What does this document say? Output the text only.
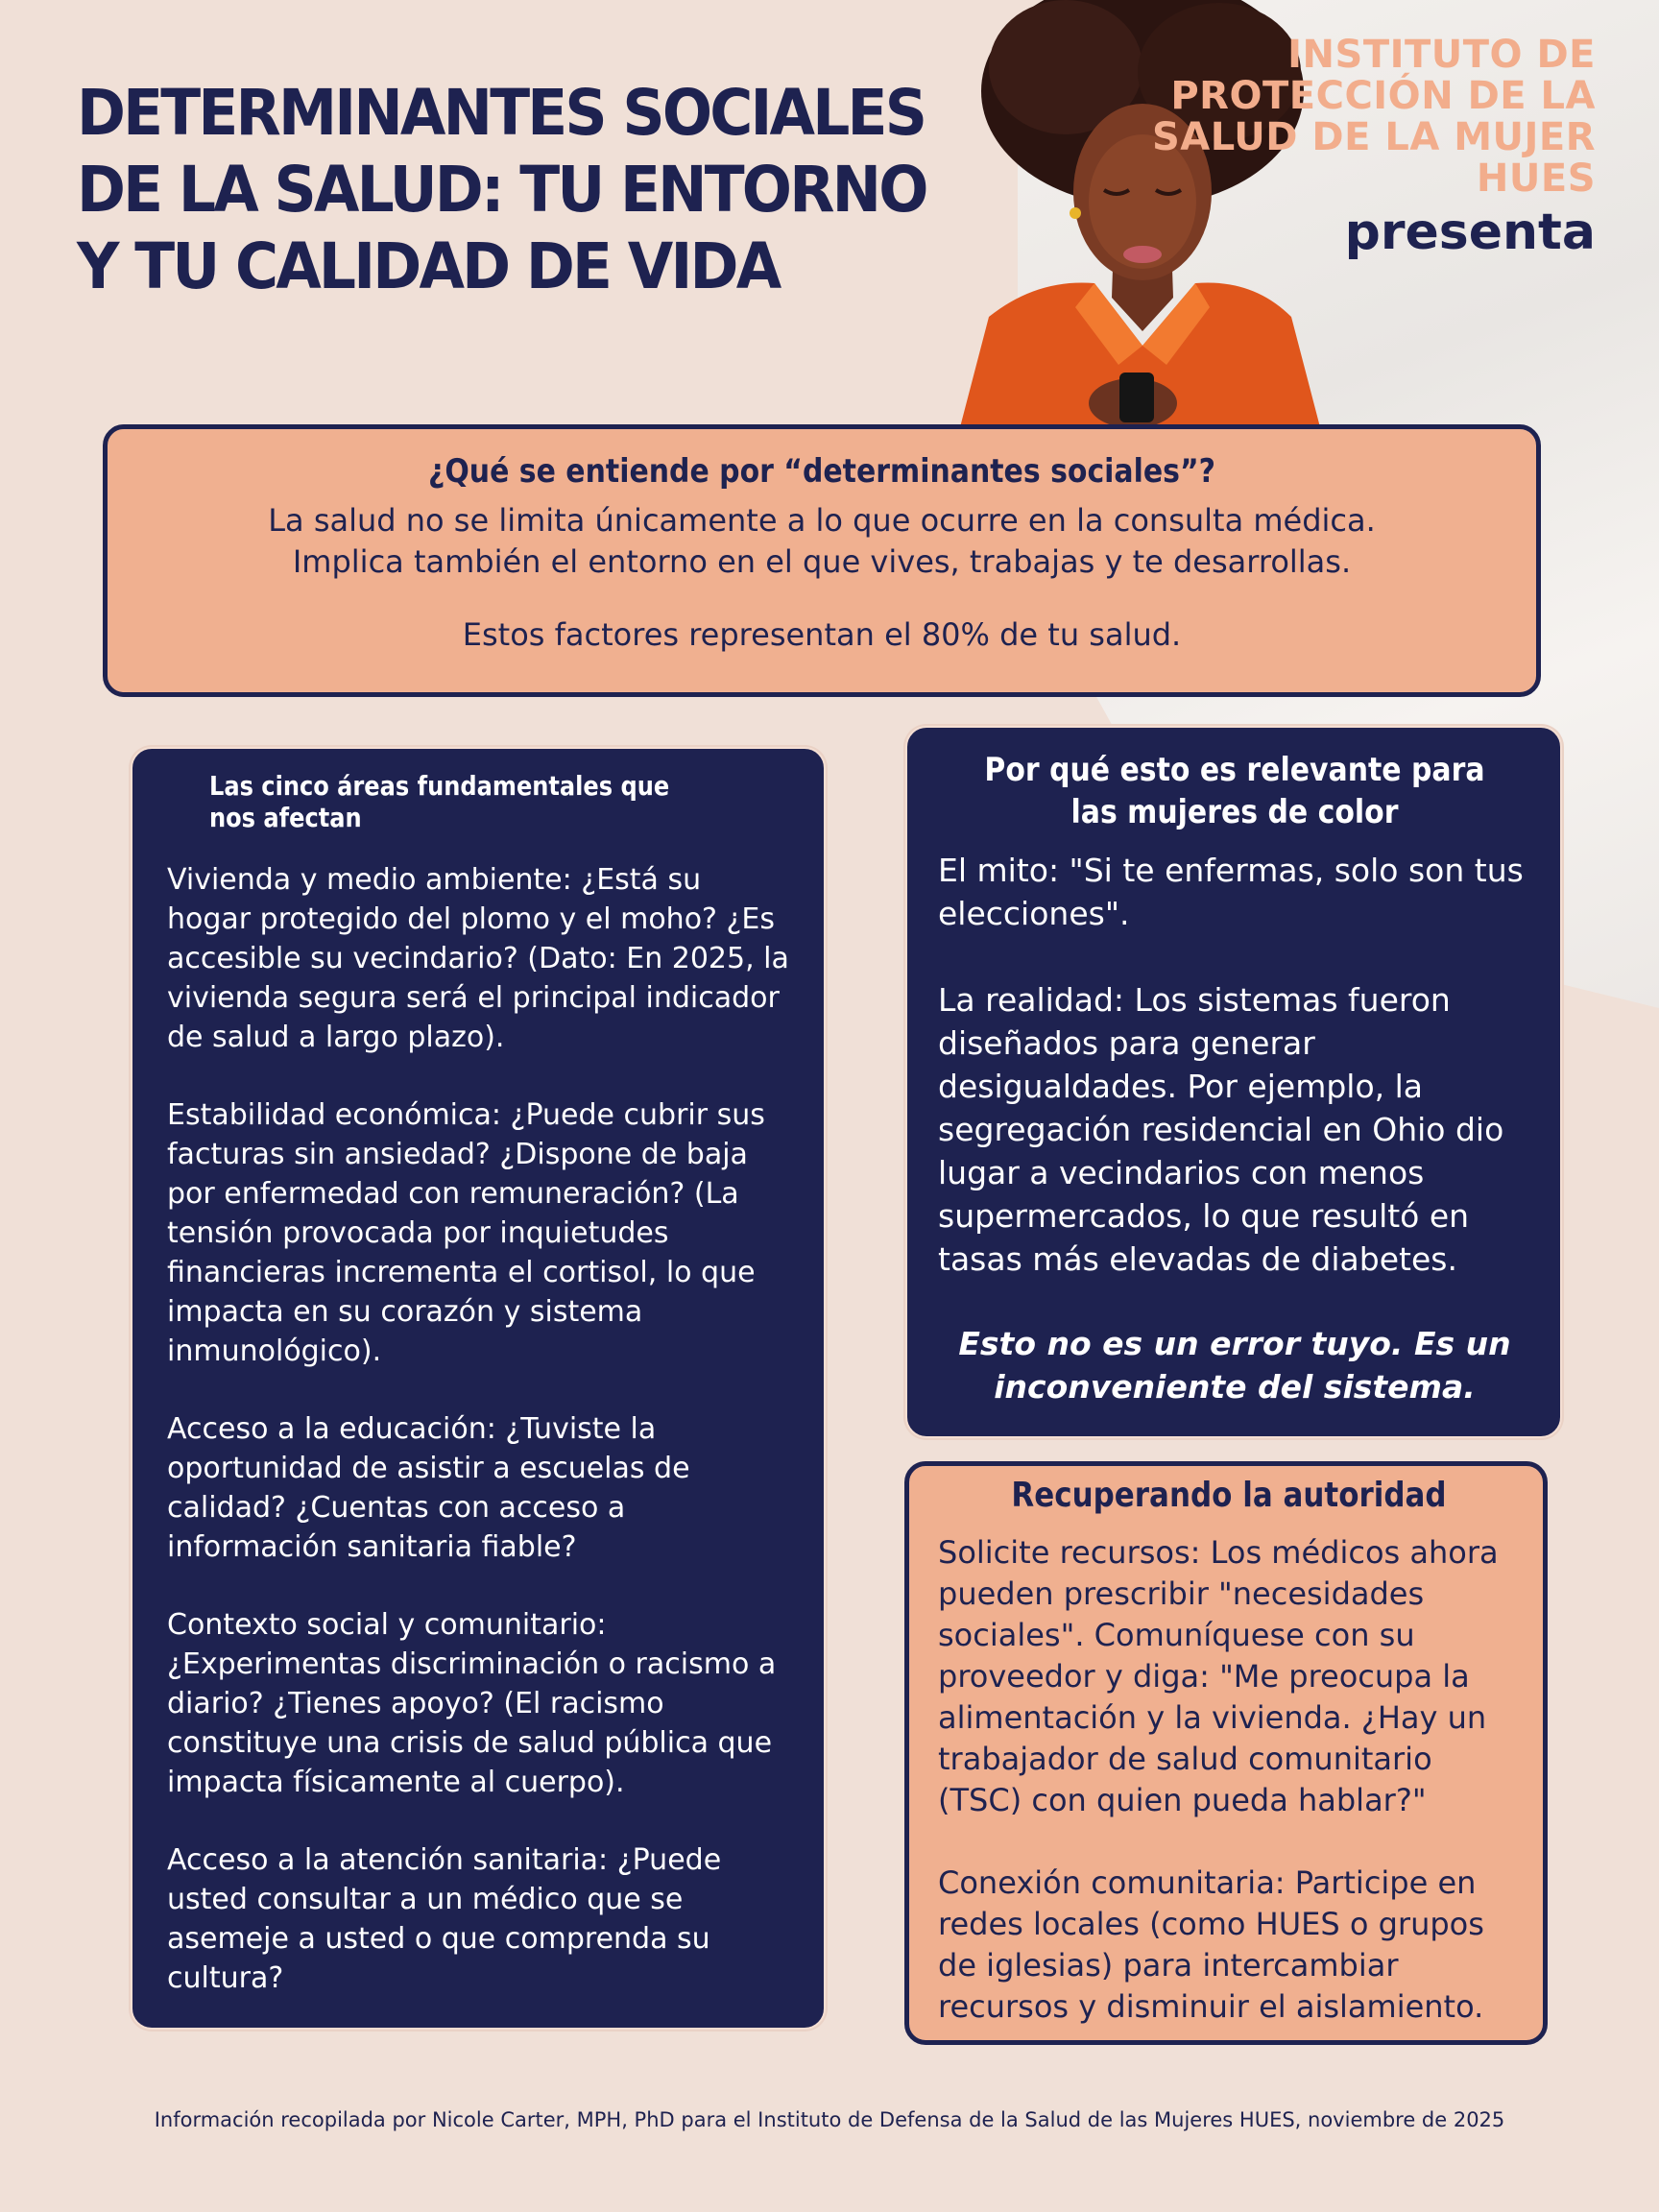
DETERMINANTES SOCIALES DE LA SALUD: TU ENTORNO Y TU CALIDAD DE VIDA
INSTITUTO DE PROTECCIÓN DE LA SALUD DE LA MUJER HUES
presenta
¿Qué se entiende por “determinantes sociales”?

La salud no se limita únicamente a lo que ocurre en la consulta médica.

Implica también el entorno en el que vives, trabajas y te desarrollas.

Estos factores representan el 80% de tu salud.

Las cinco áreas fundamentales que nos afectan

Vivienda y medio ambiente: ¿Está su hogar protegido del plomo y el moho? ¿Es accesible su vecindario? (Dato: En 2025, la vivienda segura será el principal indicador de salud a largo plazo).

Estabilidad económica: ¿Puede cubrir sus facturas sin ansiedad? ¿Dispone de baja por enfermedad con remuneración? (La tensión provocada por inquietudes financieras incrementa el cortisol, lo que impacta en su corazón y sistema inmunológico).

Acceso a la educación: ¿Tuviste la oportunidad de asistir a escuelas de calidad? ¿Cuentas con acceso a información sanitaria fiable?

Contexto social y comunitario: ¿Experimentas discriminación o racismo a diario? ¿Tienes apoyo? (El racismo constituye una crisis de salud pública que impacta físicamente al cuerpo).

Acceso a la atención sanitaria: ¿Puede usted consultar a un médico que se asemeje a usted o que comprenda su cultura?

Por qué esto es relevante para las mujeres de color

El mito: "Si te enfermas, solo son tus elecciones".

La realidad: Los sistemas fueron diseñados para generar desigualdades. Por ejemplo, la segregación residencial en Ohio dio lugar a vecindarios con menos supermercados, lo que resultó en tasas más elevadas de diabetes.

Esto no es un error tuyo. Es un inconveniente del sistema.

Recuperando la autoridad

Solicite recursos: Los médicos ahora pueden prescribir "necesidades sociales". Comuníquese con su proveedor y diga: "Me preocupa la alimentación y la vivienda. ¿Hay un trabajador de salud comunitario (TSC) con quien pueda hablar?"

Conexión comunitaria: Participe en redes locales (como HUES o grupos de iglesias) para intercambiar recursos y disminuir el aislamiento.

Información recopilada por Nicole Carter, MPH, PhD para el Instituto de Defensa de la Salud de las Mujeres HUES, noviembre de 2025
